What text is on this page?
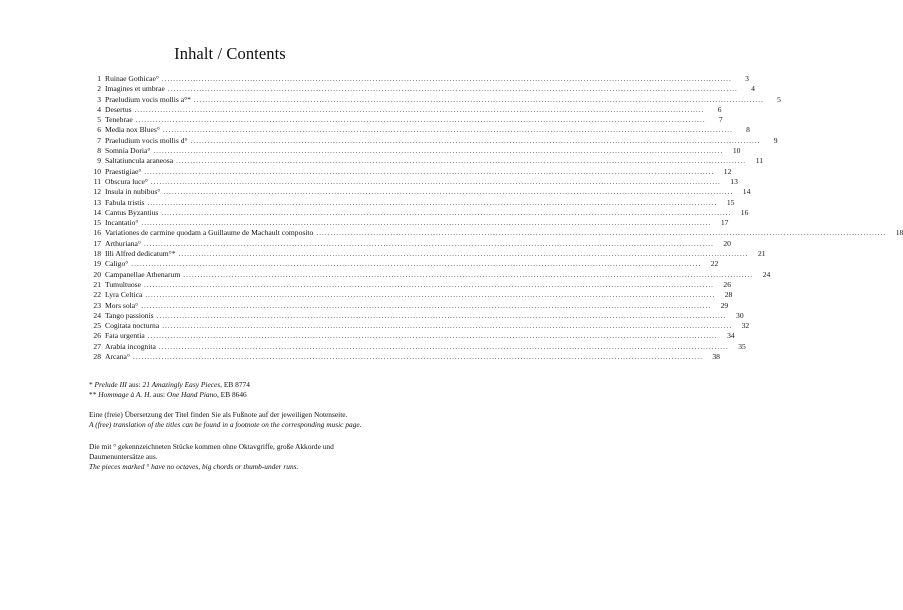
Inhalt / Contents
1 Ruinae Gothicae° ........................................................................................................................................................................................................	3
2 Imagines et umbrae ........................................................................................................................................................................................................	4
3 Praeludium vocis mollis a°* ........................................................................................................................................................................................................	5
4 Desertus ........................................................................................................................................................................................................	6
5 Tenebrae ........................................................................................................................................................................................................	7
6 Media nox Blues° ........................................................................................................................................................................................................	8
7 Praeludium vocis mollis d° ........................................................................................................................................................................................................	9
8 Somnia Doria° ........................................................................................................................................................................................................	10
9 Saltatiuncula araneosa ........................................................................................................................................................................................................	11
10 Praestigiae° ........................................................................................................................................................................................................	12
11 Obscura luce° ........................................................................................................................................................................................................	13
12 Insula in nubibus° ........................................................................................................................................................................................................	14
13 Fabula tristis ........................................................................................................................................................................................................	15
14 Cantus Byzantius ........................................................................................................................................................................................................	16
15 Incantatio° ........................................................................................................................................................................................................	17
16 Variationes de carmine quodam a Guillaume de Machault composito ........................................................................................................................................................................................................	18
17 Arthuriana° ........................................................................................................................................................................................................	20
18 Illi Alfred dedicatum°* ........................................................................................................................................................................................................	21
19 Caligo° ........................................................................................................................................................................................................	22
20 Campanellae Athenarum ........................................................................................................................................................................................................	24
21 Tumultuose ........................................................................................................................................................................................................	26
22 Lyra Celtica ........................................................................................................................................................................................................	28
23 Mors sola° ........................................................................................................................................................................................................	29
24 Tango passionis ........................................................................................................................................................................................................	30
25 Cogitata nocturna ........................................................................................................................................................................................................	32
26 Fata urgentia ........................................................................................................................................................................................................	34
27 Arabia incognita ........................................................................................................................................................................................................	35
28 Arcana° ........................................................................................................................................................................................................	38
* Prelude III aus: 21 Amazingly Easy Pieces, EB 8774
** Hommage à A. H. aus: One Hand Piano, EB 8646
Eine (freie) Übersetzung der Titel finden Sie als Fußnote auf der jeweiligen Notenseite.
A (free) translation of the titles can be found in a footnote on the corresponding music page.
Die mit ° gekennzeichneten Stücke kommen ohne Oktavgriffe, große Akkorde und Daumenuntersätze aus.
The pieces marked ° have no octaves, big chords or thumb-under runs.
